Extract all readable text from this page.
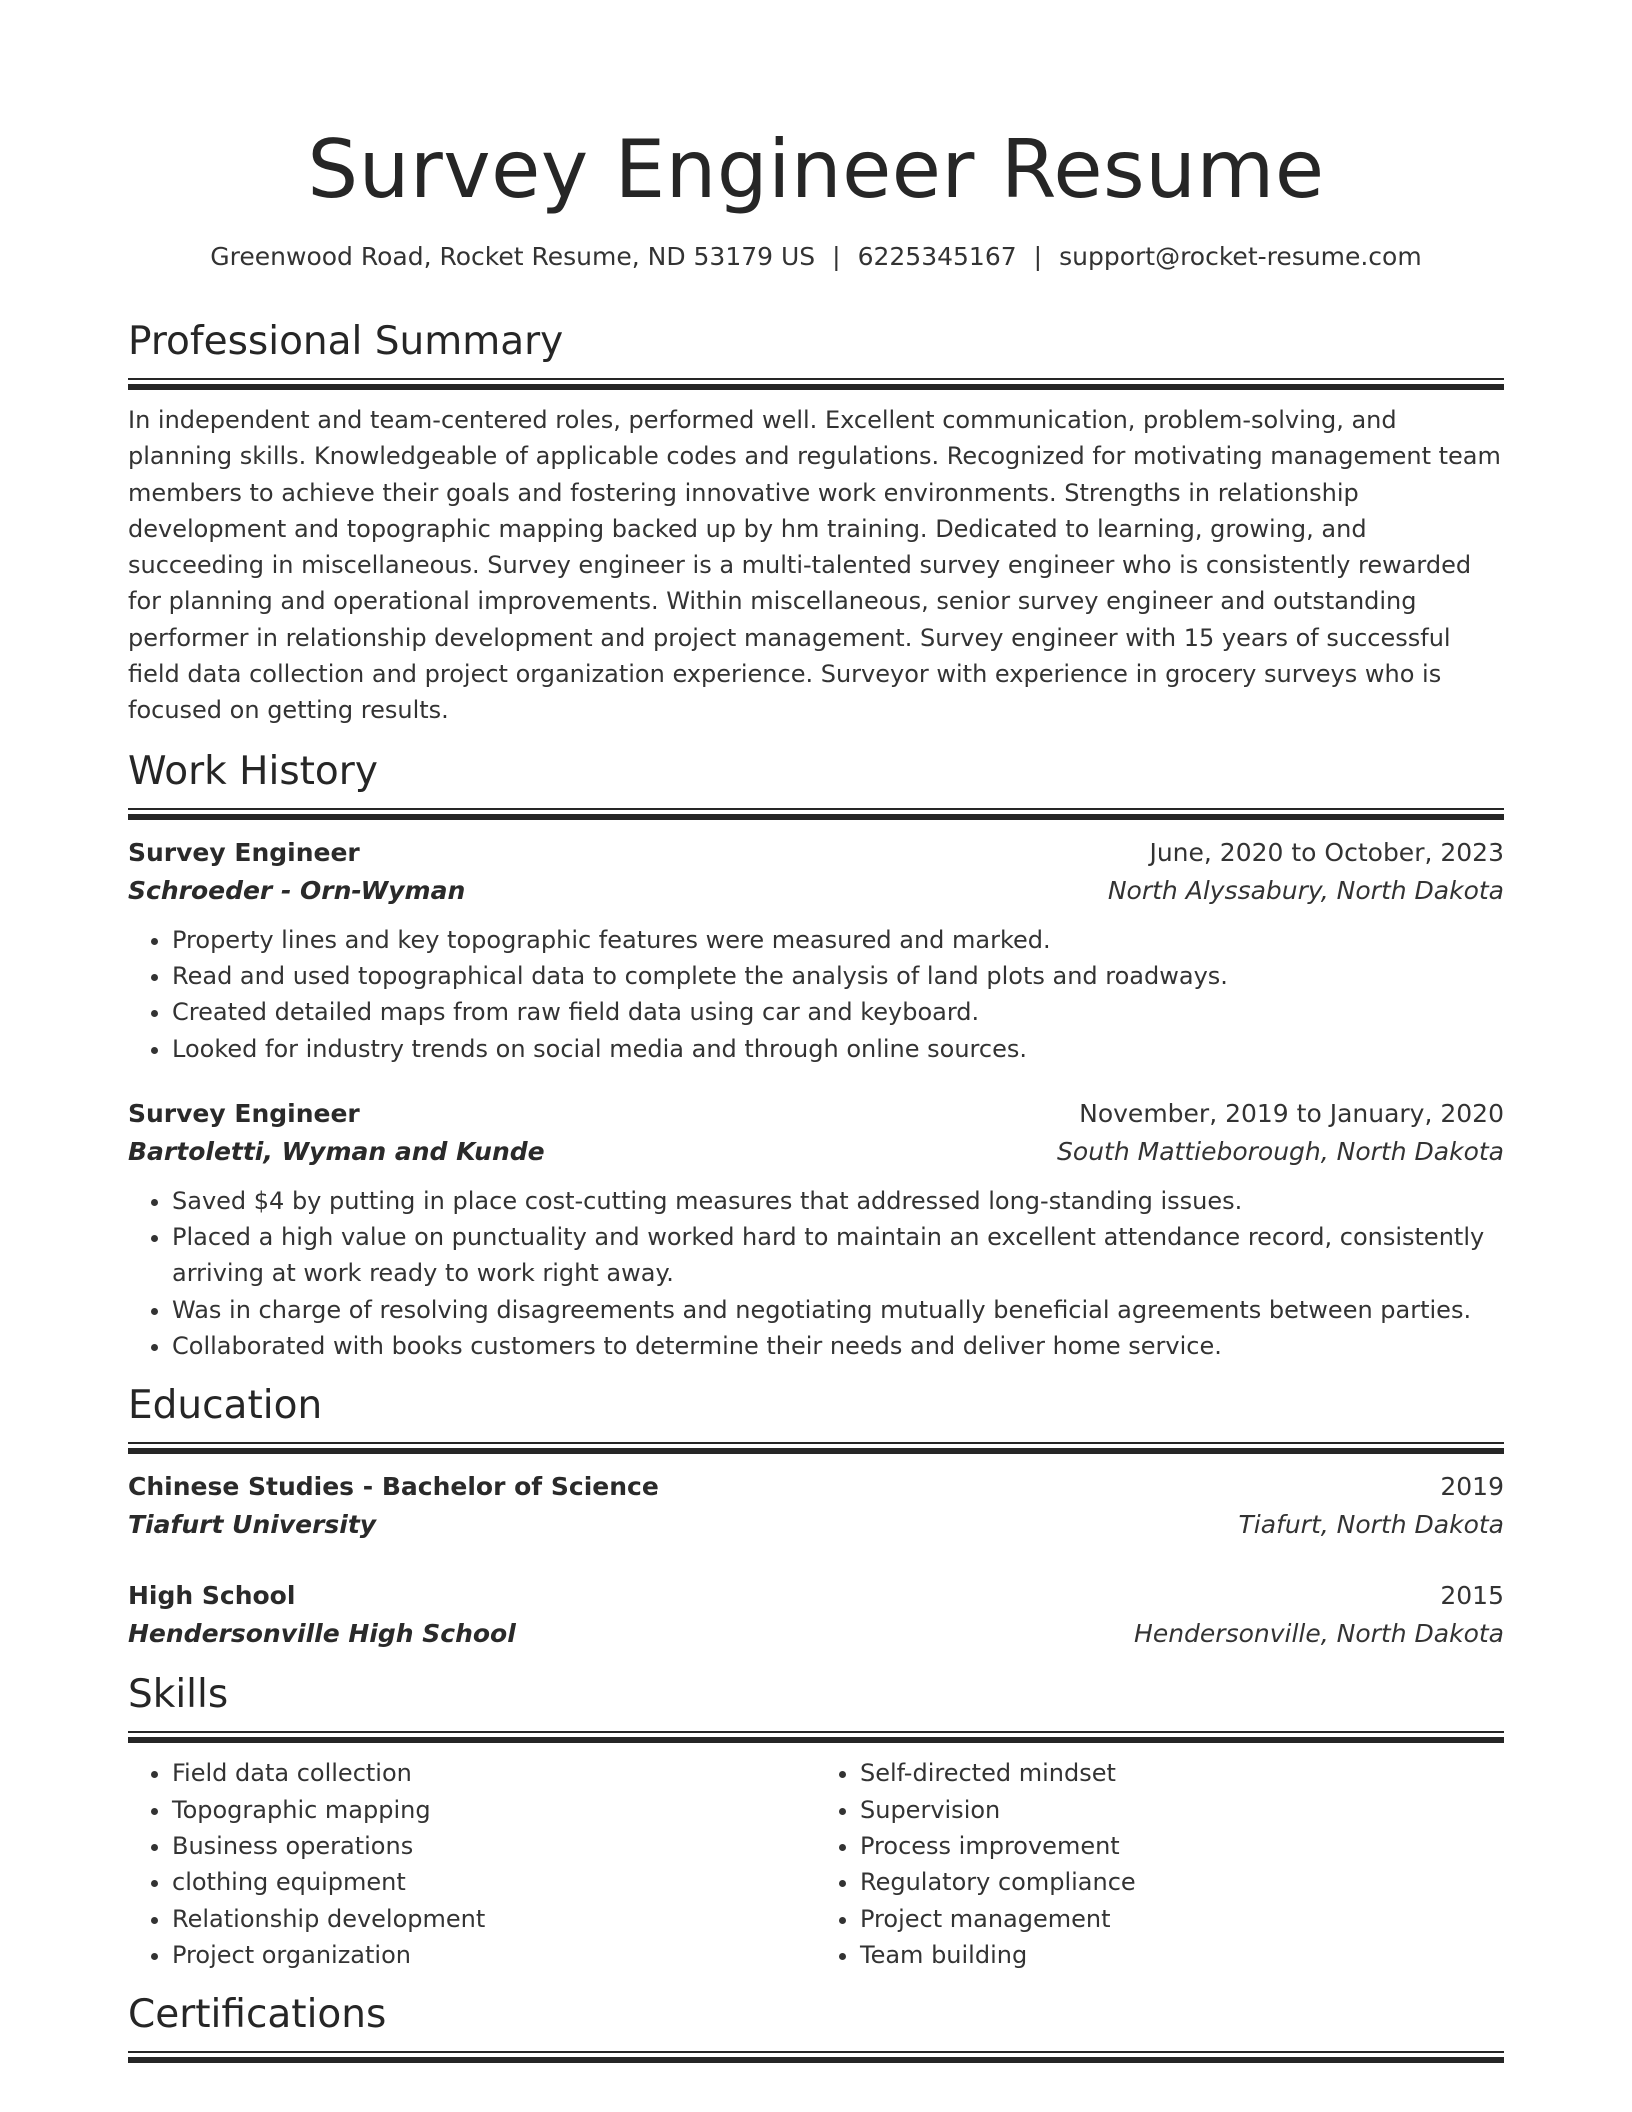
Survey Engineer Resume
Greenwood Road, Rocket Resume, ND 53179 US | 6225345167 | support@rocket-resume.com
Professional Summary

In independent and team-centered roles, performed well. Excellent communication, problem-solving, and planning skills. Knowledgeable of applicable codes and regulations. Recognized for motivating management team members to achieve their goals and fostering innovative work environments. Strengths in relationship development and topographic mapping backed up by hm training. Dedicated to learning, growing, and succeeding in miscellaneous. Survey engineer is a multi-talented survey engineer who is consistently rewarded for planning and operational improvements. Within miscellaneous, senior survey engineer and outstanding performer in relationship development and project management. Survey engineer with 15 years of successful field data collection and project organization experience. Surveyor with experience in grocery surveys who is focused on getting results.

Work History
Survey Engineer	June, 2020 to October, 2023
Schroeder - Orn-Wyman	North Alyssabury, North Dakota
• Property lines and key topographic features were measured and marked.
• Read and used topographical data to complete the analysis of land plots and roadways.
• Created detailed maps from raw field data using car and keyboard.
• Looked for industry trends on social media and through online sources.
Survey Engineer	November, 2019 to January, 2020
Bartoletti, Wyman and Kunde	South Mattieborough, North Dakota
• Saved $4 by putting in place cost-cutting measures that addressed long-standing issues.
• Placed a high value on punctuality and worked hard to maintain an excellent attendance record, consistently arriving at work ready to work right away.
• Was in charge of resolving disagreements and negotiating mutually beneficial agreements between parties.
• Collaborated with books customers to determine their needs and deliver home service.
Education
Chinese Studies - Bachelor of Science	2019
Tiafurt University	Tiafurt, North Dakota
High School	2015
Hendersonville High School	Hendersonville, North Dakota
Skills
• Field data collection
• Topographic mapping
• Business operations
• clothing equipment
• Relationship development
• Project organization
• Self-directed mindset
• Supervision
• Process improvement
• Regulatory compliance
• Project management
• Team building
Certifications
